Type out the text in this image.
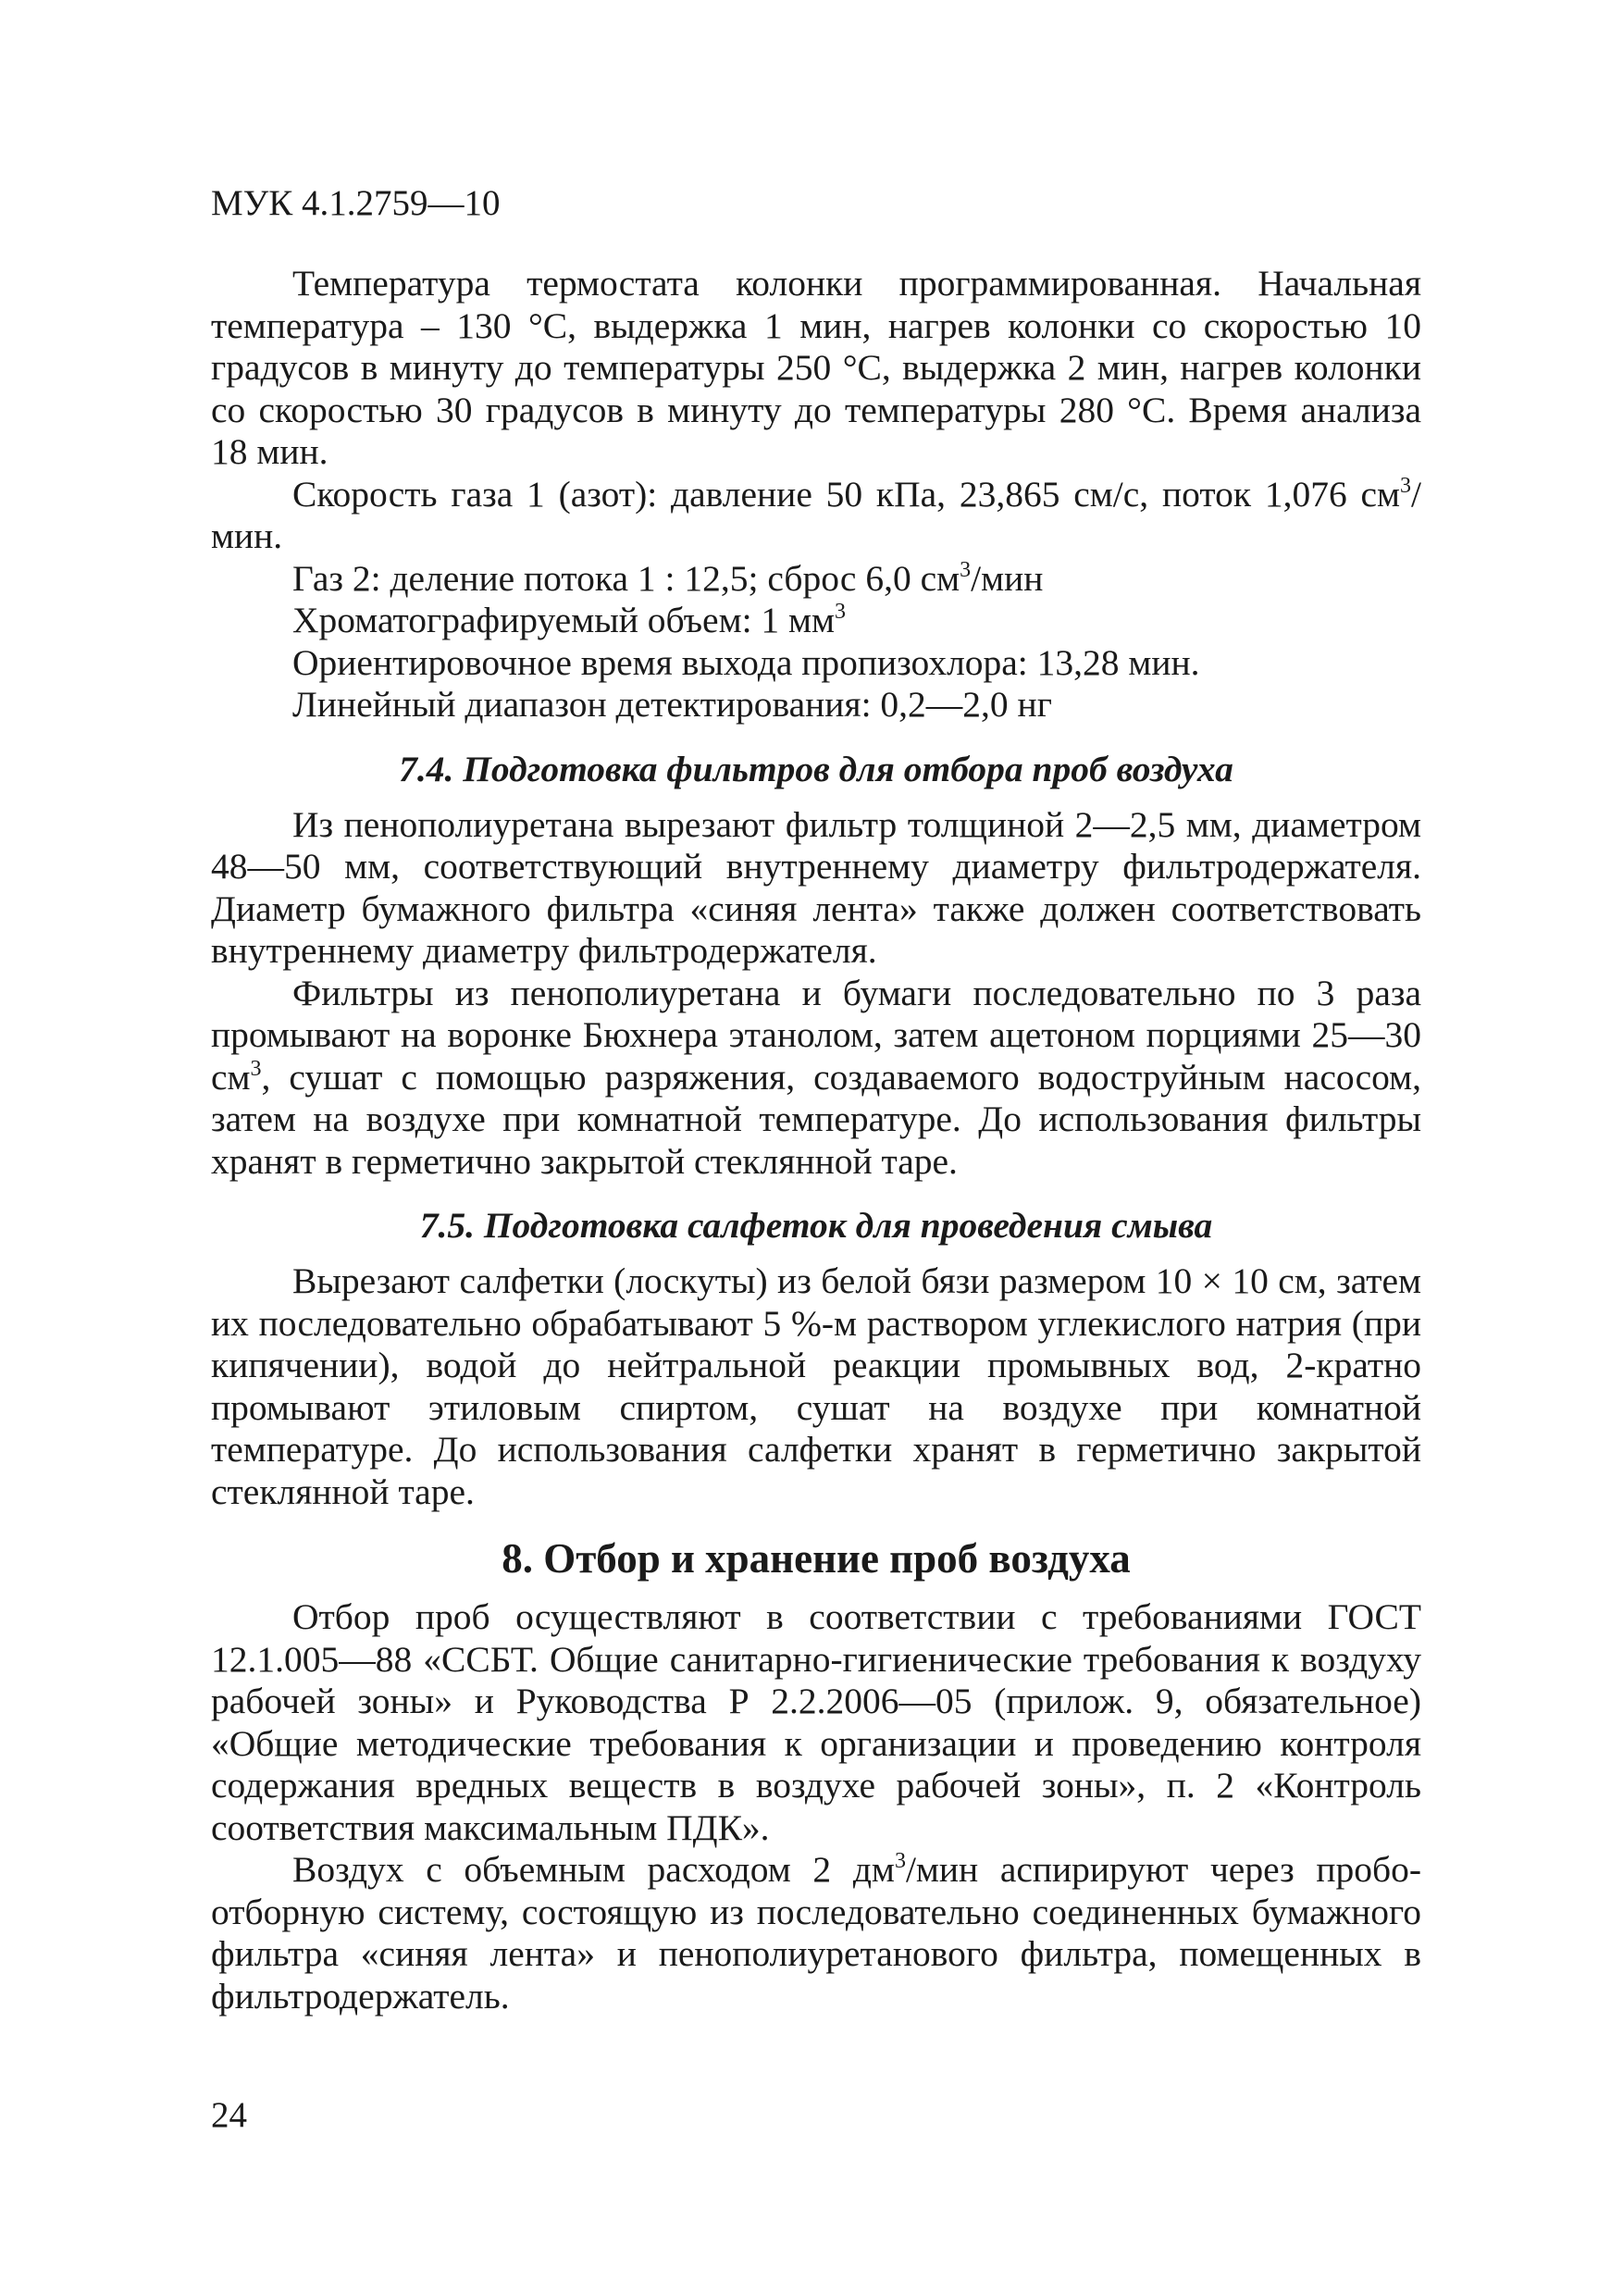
МУК 4.1.2759—10

Температура термостата колонки программированная. Начальная температура – 130 °С, выдержка 1 мин, нагрев колонки со скоростью 10 градусов в минуту до температуры 250 °С, выдержка 2 мин, нагрев колонки со скоростью 30 градусов в минуту до температуры 280 °С. Время анализа 18 мин.

Скорость газа 1 (азот): давление 50 кПа, 23,865 см/с, поток 1,076 $см^3$/мин.

Газ 2: деление потока 1 : 12,5; сброс 6,0 $см^3$/мин

Хроматографируемый объем: 1 $мм^3$

Ориентировочное время выхода пропизохлора: 13,28 мин.

Линейный диапазон детектирования: 0,2—2,0 нг

7.4. Подготовка фильтров для отбора проб воздуха

Из пенополиуретана вырезают фильтр толщиной 2—2,5 мм, диаметром 48—50 мм, соответствующий внутреннему диаметру фильтродержателя. Диаметр бумажного фильтра «синяя лента» также должен соответствовать внутреннему диаметру фильтродержателя.

Фильтры из пенополиуретана и бумаги последовательно по 3 раза промывают на воронке Бюхнера этанолом, затем ацетоном порциями 25—30 $см^3$, сушат с помощью разряжения, создаваемого водоструйным насосом, затем на воздухе при комнатной температуре. До использования фильтры хранят в герметично закрытой стеклянной таре.

7.5. Подготовка салфеток для проведения смыва

Вырезают салфетки (лоскуты) из белой бязи размером 10 × 10 см, затем их последовательно обрабатывают 5 %-м раствором углекислого натрия (при кипячении), водой до нейтральной реакции промывных вод, 2-кратно промывают этиловым спиртом, сушат на воздухе при комнатной температуре. До использования салфетки хранят в герметично закрытой стеклянной таре.

8. Отбор и хранение проб воздуха

Отбор проб осуществляют в соответствии с требованиями ГОСТ 12.1.005—88 «ССБТ. Общие санитарно-гигиенические требования к воздуху рабочей зоны» и Руководства Р 2.2.2006—05 (прилож. 9, обязательное) «Общие методические требования к организации и проведению контроля содержания вредных веществ в воздухе рабочей зоны», п. 2 «Контроль соответствия максимальным ПДК».

Воздух с объемным расходом 2 $дм^3$/мин аспирируют через пробоотборную систему, состоящую из последовательно соединенных бумажного фильтра «синяя лента» и пенополиуретанового фильтра, помещенных в фильтродержатель.

24
